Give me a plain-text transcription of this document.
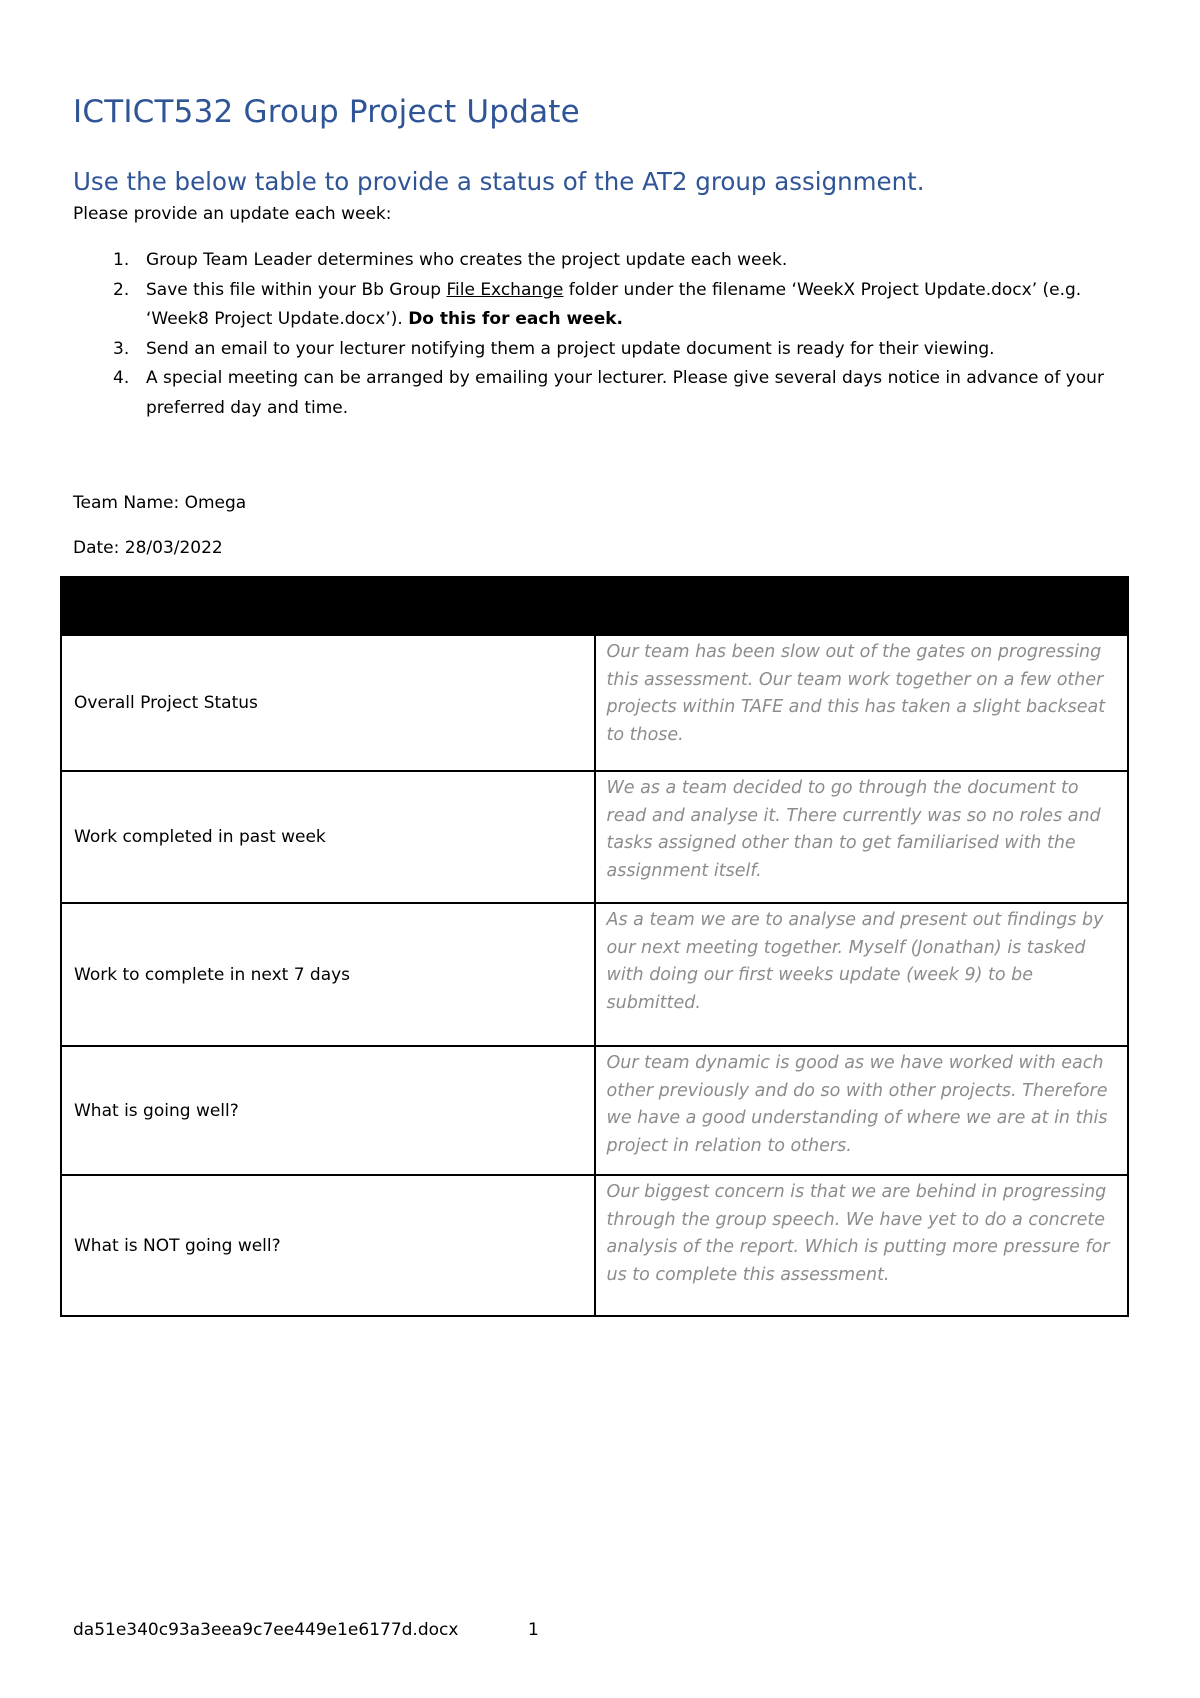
ICTICT532 Group Project Update
Use the below table to provide a status of the AT2 group assignment.

Please provide an update each week:

1. Group Team Leader determines who creates the project update each week.
2. Save this file within your Bb Group File Exchange folder under the filename ‘WeekX Project Update.docx’ (e.g. ‘Week8 Project Update.docx’). Do this for each week.
3. Send an email to your lecturer notifying them a project update document is ready for their viewing.
4. A special meeting can be arranged by emailing your lecturer. Please give several days notice in advance of your preferred day and time.

Team Name: Omega

Date: 28/03/2022

Overall Project Status	Our team has been slow out of the gates on progressing this assessment. Our team work together on a few other projects within TAFE and this has taken a slight backseat to those.
Work completed in past week	We as a team decided to go through the document to read and analyse it. There currently was so no roles and tasks assigned other than to get familiarised with the assignment itself.
Work to complete in next 7 days	As a team we are to analyse and present out findings by our next meeting together. Myself (Jonathan) is tasked with doing our first weeks update (week 9) to be submitted.
What is going well?	Our team dynamic is good as we have worked with each other previously and do so with other projects. Therefore we have a good understanding of where we are at in this project in relation to others.
What is NOT going well?	Our biggest concern is that we are behind in progressing through the group speech. We have yet to do a concrete analysis of the report. Which is putting more pressure for us to complete this assessment.
da51e340c93a3eea9c7ee449e1e6177d.docx	1
